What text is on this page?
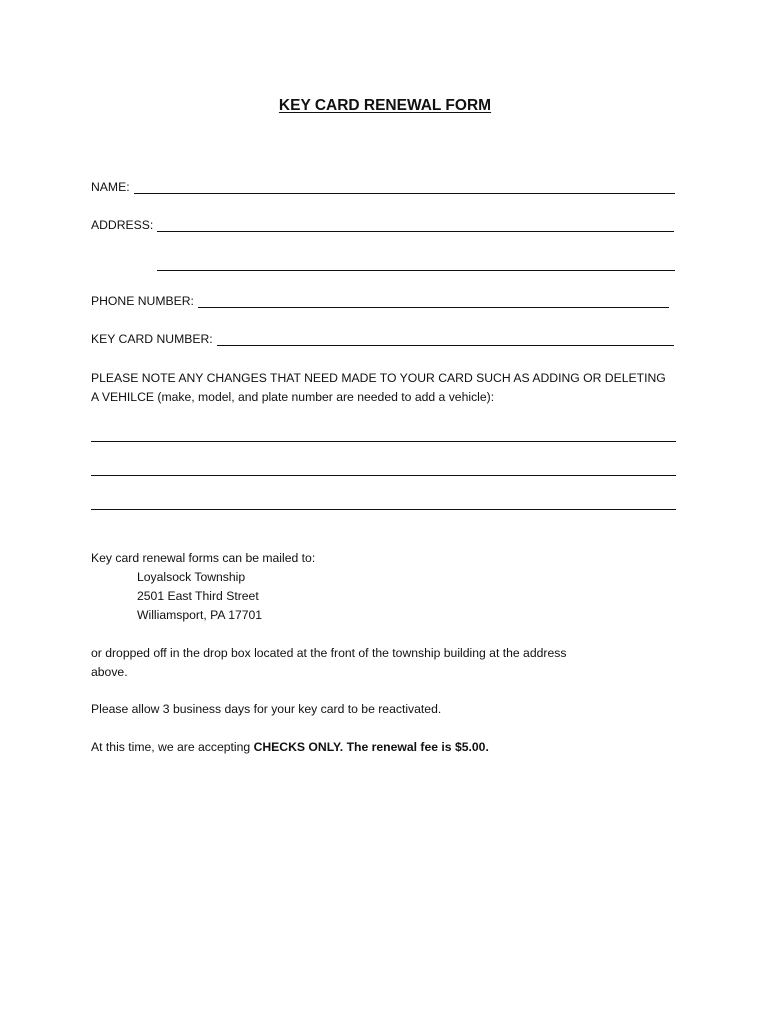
KEY CARD RENEWAL FORM
NAME:
ADDRESS:
PHONE NUMBER:
KEY CARD NUMBER:
PLEASE NOTE ANY CHANGES THAT NEED MADE TO YOUR CARD SUCH AS ADDING OR DELETING
A VEHILCE (make, model, and plate number are needed to add a vehicle):
Key card renewal forms can be mailed to:
Loyalsock Township
2501 East Third Street
Williamsport, PA 17701
or dropped off in the drop box located at the front of the township building at the address
above.
Please allow 3 business days for your key card to be reactivated.
At this time, we are accepting CHECKS ONLY. The renewal fee is $5.00.
